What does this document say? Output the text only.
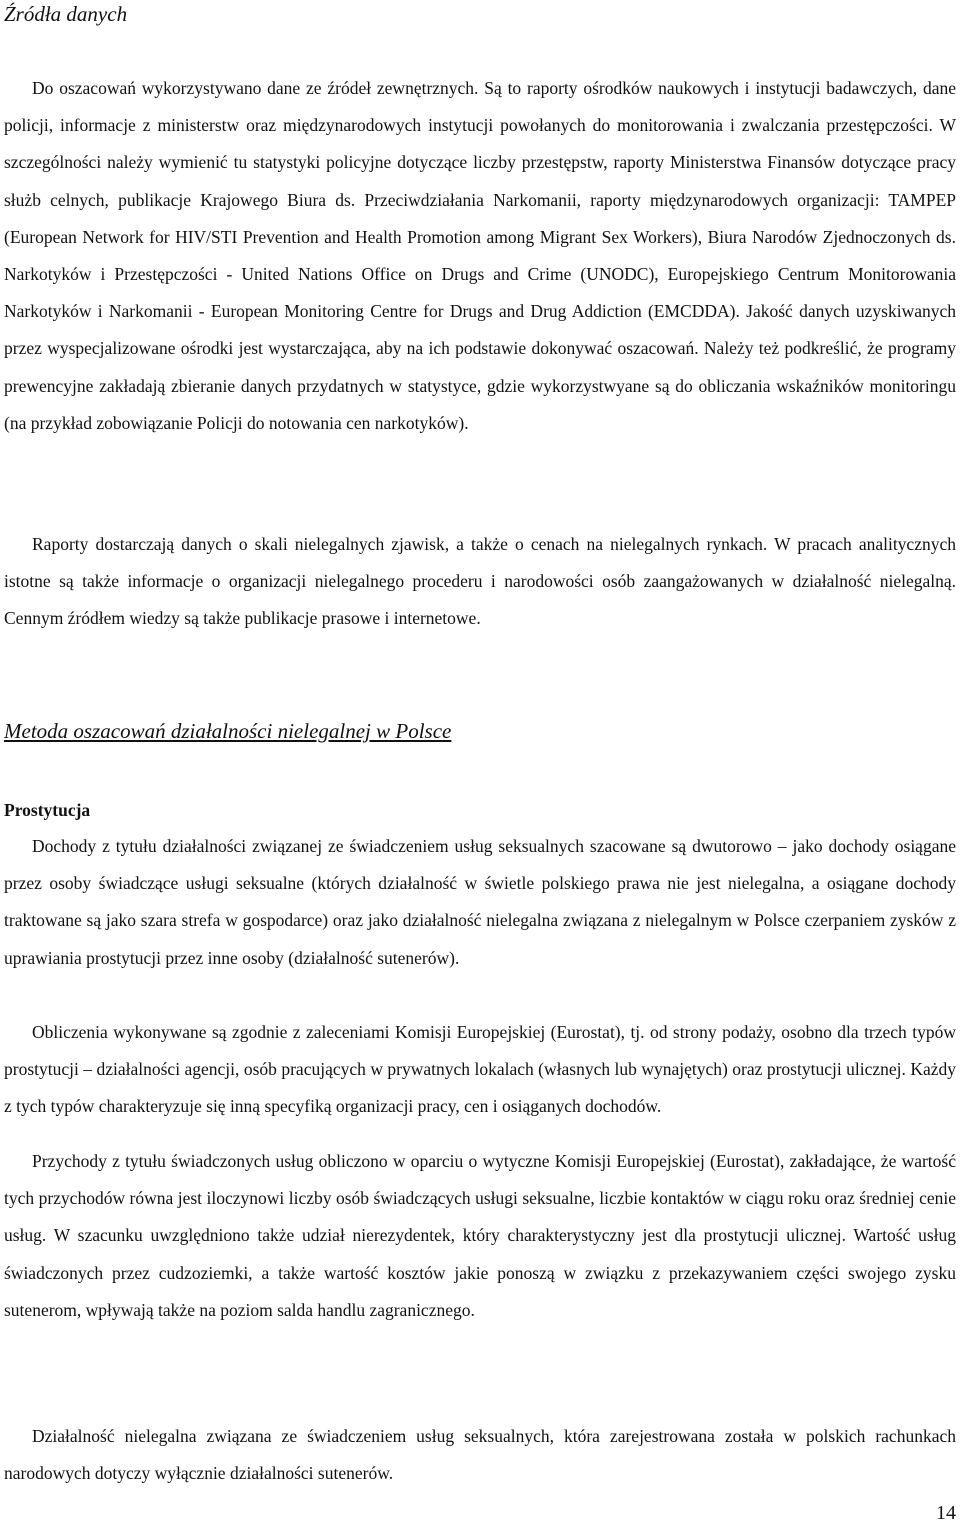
Źródła danych

Do oszacowań wykorzystywano dane ze źródeł zewnętrznych. Są to raporty ośrodków naukowych i instytucji badawczych, dane policji, informacje z ministerstw oraz międzynarodowych instytucji powołanych do monitorowania i zwalczania przestępczości. W szczególności należy wymienić tu statystyki policyjne dotyczące liczby przestępstw, raporty Ministerstwa Finansów dotyczące pracy służb celnych, publikacje Krajowego Biura ds. Przeciwdziałania Narkomanii, raporty międzynarodowych organizacji: TAMPEP (European Network for HIV/STI Prevention and Health Promotion among Migrant Sex Workers), Biura Narodów Zjednoczonych ds. Narkotyków i Przestępczości - United Nations Office on Drugs and Crime (UNODC), Europejskiego Centrum Monitorowania Narkotyków i Narkomanii - European Monitoring Centre for Drugs and Drug Addiction (EMCDDA). Jakość danych uzyskiwanych przez wyspecjalizowane ośrodki jest wystarczająca, aby na ich podstawie dokonywać oszacowań. Należy też podkreślić, że programy prewencyjne zakładają zbieranie danych przydatnych w statystyce, gdzie wykorzystwyane są do obliczania wskaźników monitoringu (na przykład zobowiązanie Policji do notowania cen narkotyków).

Raporty dostarczają danych o skali nielegalnych zjawisk, a także o cenach na nielegalnych rynkach. W pracach analitycznych istotne są także informacje o organizacji nielegalnego procederu i narodowości osób zaangażowanych w działalność nielegalną. Cennym źródłem wiedzy są także publikacje prasowe i internetowe.

Metoda oszacowań działalności nielegalnej w Polsce
Prostytucja

Dochody z tytułu działalności związanej ze świadczeniem usług seksualnych szacowane są dwutorowo – jako dochody osiągane przez osoby świadczące usługi seksualne (których działalność w świetle polskiego prawa nie jest nielegalna, a osiągane dochody traktowane są jako szara strefa w gospodarce) oraz jako działalność nielegalna związana z nielegalnym w Polsce czerpaniem zysków z uprawiania prostytucji przez inne osoby (działalność sutenerów).

Obliczenia wykonywane są zgodnie z zaleceniami Komisji Europejskiej (Eurostat), tj. od strony podaży, osobno dla trzech typów prostytucji – działalności agencji, osób pracujących w prywatnych lokalach (własnych lub wynajętych) oraz prostytucji ulicznej. Każdy z tych typów charakteryzuje się inną specyfiką organizacji pracy, cen i osiąganych dochodów.

Przychody z tytułu świadczonych usług obliczono w oparciu o wytyczne Komisji Europejskiej (Eurostat), zakładające, że wartość tych przychodów równa jest iloczynowi liczby osób świadczących usługi seksualne, liczbie kontaktów w ciągu roku oraz średniej cenie usług. W szacunku uwzględniono także udział nierezydentek, który charakterystyczny jest dla prostytucji ulicznej. Wartość usług świadczonych przez cudzoziemki, a także wartość kosztów jakie ponoszą w związku z przekazywaniem części swojego zysku sutenerom, wpływają także na poziom salda handlu zagranicznego.

Działalność nielegalna związana ze świadczeniem usług seksualnych, która zarejestrowana została w polskich rachunkach narodowych dotyczy wyłącznie działalności sutenerów.

14
